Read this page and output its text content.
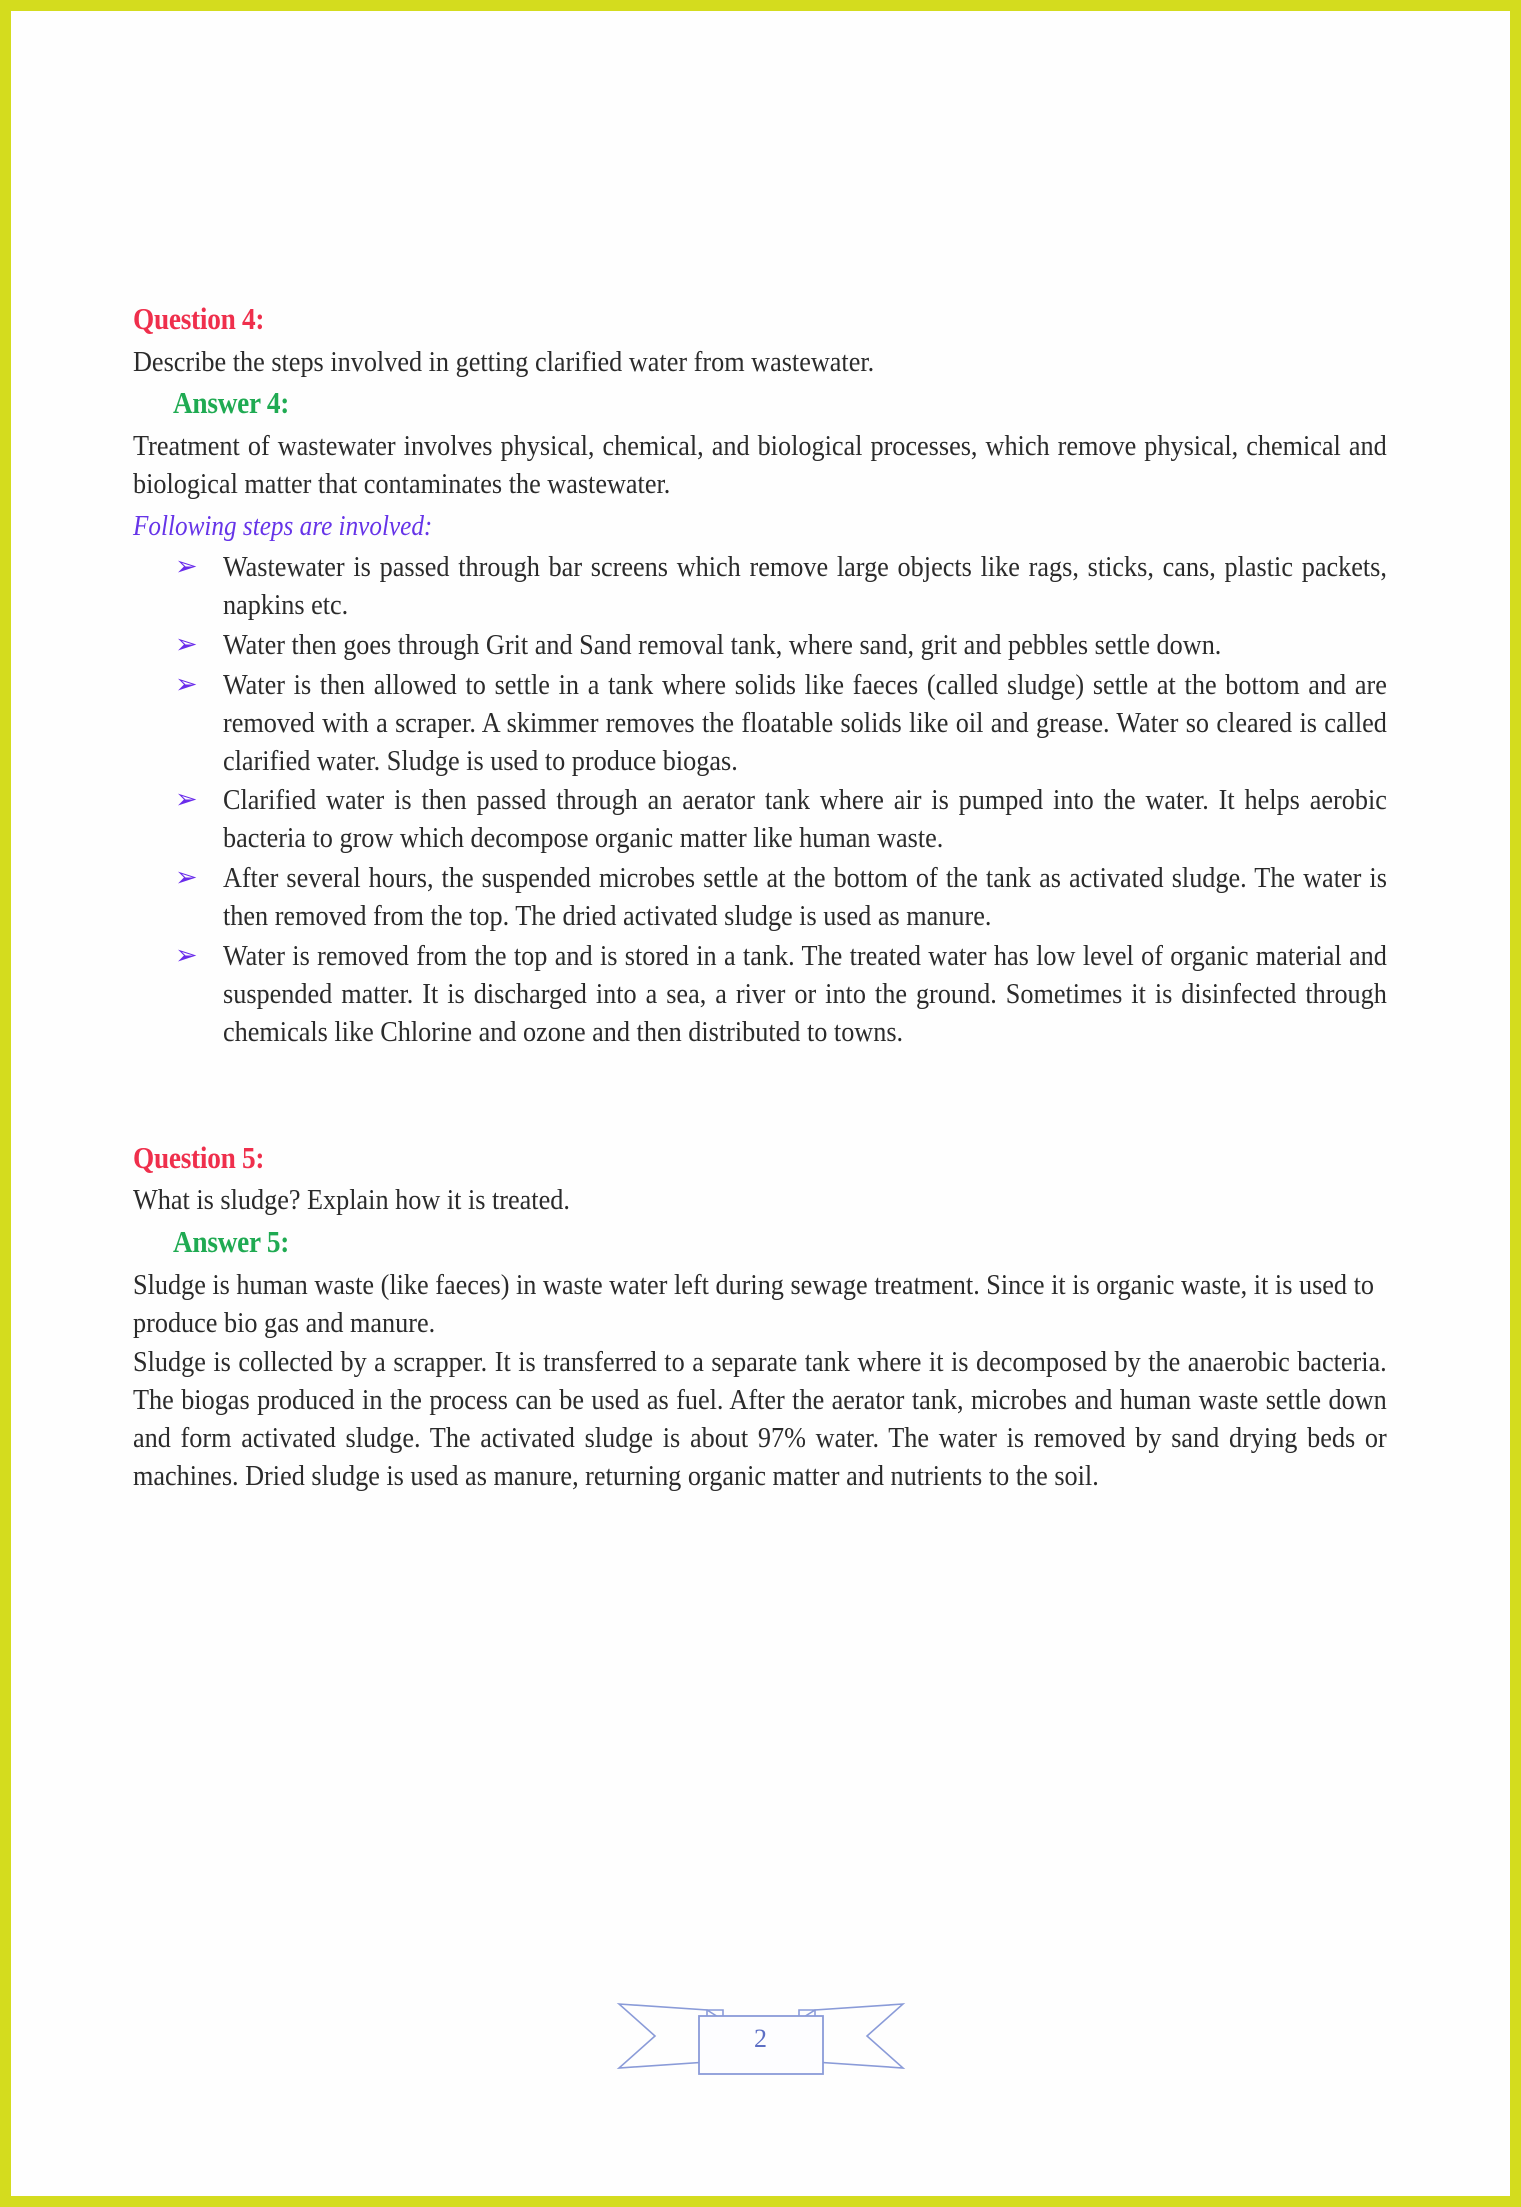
Question 4:

Describe the steps involved in getting clarified water from wastewater.

Answer 4:

Treatment of wastewater involves physical, chemical, and biological processes, which remove physical, chemical and biological matter that contaminates the wastewater.

Following steps are involved:

➢ Wastewater is passed through bar screens which remove large objects like rags, sticks, cans, plastic packets, napkins etc.
➢ Water then goes through Grit and Sand removal tank, where sand, grit and pebbles settle down.
➢ Water is then allowed to settle in a tank where solids like faeces (called sludge) settle at the bottom and are removed with a scraper. A skimmer removes the floatable solids like oil and grease. Water so cleared is called clarified water. Sludge is used to produce biogas.
➢ Clarified water is then passed through an aerator tank where air is pumped into the water. It helps aerobic bacteria to grow which decompose organic matter like human waste.
➢ After several hours, the suspended microbes settle at the bottom of the tank as activated sludge. The water is then removed from the top. The dried activated sludge is used as manure.
➢ Water is removed from the top and is stored in a tank. The treated water has low level of organic material and suspended matter. It is discharged into a sea, a river or into the ground. Sometimes it is disinfected through chemicals like Chlorine and ozone and then distributed to towns.
Question 5:

What is sludge? Explain how it is treated.

Answer 5:

Sludge is human waste (like faeces) in waste water left during sewage treatment. Since it is organic waste, it is used to produce bio gas and manure.

Sludge is collected by a scrapper. It is transferred to a separate tank where it is decomposed by the anaerobic bacteria. The biogas produced in the process can be used as fuel. After the aerator tank, microbes and human waste settle down and form activated sludge. The activated sludge is about 97% water. The water is removed by sand drying beds or machines. Dried sludge is used as manure, returning organic matter and nutrients to the soil.

2
